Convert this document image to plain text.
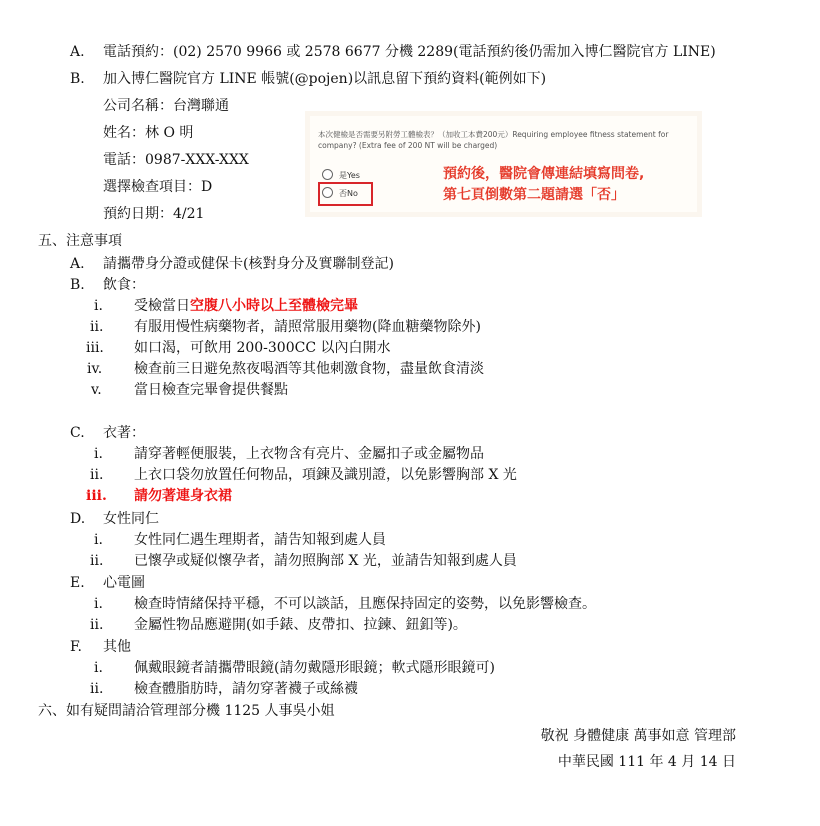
A. 電話預約：(02) 2570 9966 或 2578 6677 分機 2289(電話預約後仍需加入博仁醫院官方 LINE)
B. 加入博仁醫院官方 LINE 帳號(@pojen)以訊息留下預約資料(範例如下)
公司名稱：台灣聯通
姓名：林 O 明
電話：0987-XXX-XXX
選擇檢查項目：D
預約日期：4/21
本次健檢是否需要另附勞工體檢表？（加收工本費200元）Requiring employee fitness statement for company? (Extra fee of 200 NT will be charged)
是Yes
否No
預約後，醫院會傳連結填寫問卷,
第七頁倒數第二題請選「否」
五、注意事項
A. 請攜帶身分證或健保卡(核對身分及實聯制登記)
B. 飲食：
i. 受檢當日空腹八小時以上至體檢完畢
ii. 有服用慢性病藥物者，請照常服用藥物(降血糖藥物除外)
iii. 如口渴，可飲用 200-300CC 以內白開水
iv. 檢查前三日避免熬夜喝酒等其他刺激食物，盡量飲食清淡
v. 當日檢查完畢會提供餐點
C. 衣著：
i. 請穿著輕便服裝，上衣物含有亮片、金屬扣子或金屬物品
ii. 上衣口袋勿放置任何物品，項鍊及識別證，以免影響胸部 X 光
iii. 請勿著連身衣裙
D. 女性同仁
i. 女性同仁遇生理期者，請告知報到處人員
ii. 已懷孕或疑似懷孕者，請勿照胸部 X 光，並請告知報到處人員
E. 心電圖
i. 檢查時情緒保持平穩，不可以談話，且應保持固定的姿勢，以免影響檢查。
ii. 金屬性物品應避開(如手錶、皮帶扣、拉鍊、鈕釦等)。
F. 其他
i. 佩戴眼鏡者請攜帶眼鏡(請勿戴隱形眼鏡；軟式隱形眼鏡可)
ii. 檢查體脂肪時，請勿穿著襪子或絲襪
六、如有疑問請洽管理部分機 1125 人事吳小姐
敬祝 身體健康 萬事如意 管理部
中華民國 111 年 4 月 14 日
